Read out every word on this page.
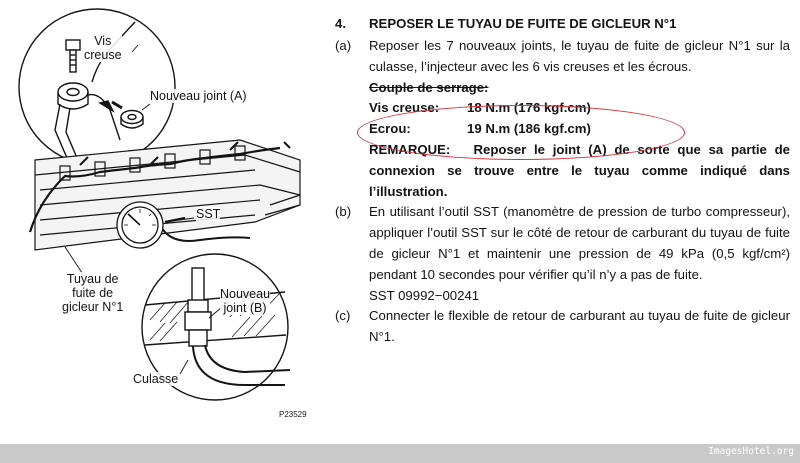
Vis
creuse
Nouveau joint (A)
SST
Tuyau de
fuite de
gicleur N°1
Nouveau
joint (B)
Culasse
P23529
4. REPOSER LE TUYAU DE FUITE DE GICLEUR N°1
(a) Reposer les 7 nouveaux joints, le tuyau de fuite de gicleur N°1 sur la culasse, l’injecteur avec les 6 vis creuses et les écrous.
Couple de serrage:
Vis creuse: 18 N.m (176 kgf.cm)
Ecrou:	19 N.m (186 kgf.cm)
REMARQUE: Reposer le joint (A) de sorte que sa partie de connexion se trouve entre le tuyau comme indiqué dans l’illustration.
(b) En utilisant l’outil SST (manomètre de pression de turbo compresseur), appliquer l’outil SST sur le côté de retour de carburant du tuyau de fuite de gicleur N°1 et maintenir une pression de 49 kPa (0,5 kgf/cm²) pendant 10 secondes pour vérifier qu’il n’y a pas de fuite.
SST 09992−00241
(c) Connecter le flexible de retour de carburant au tuyau de fuite de gicleur N°1.
ImagesHotel.org
